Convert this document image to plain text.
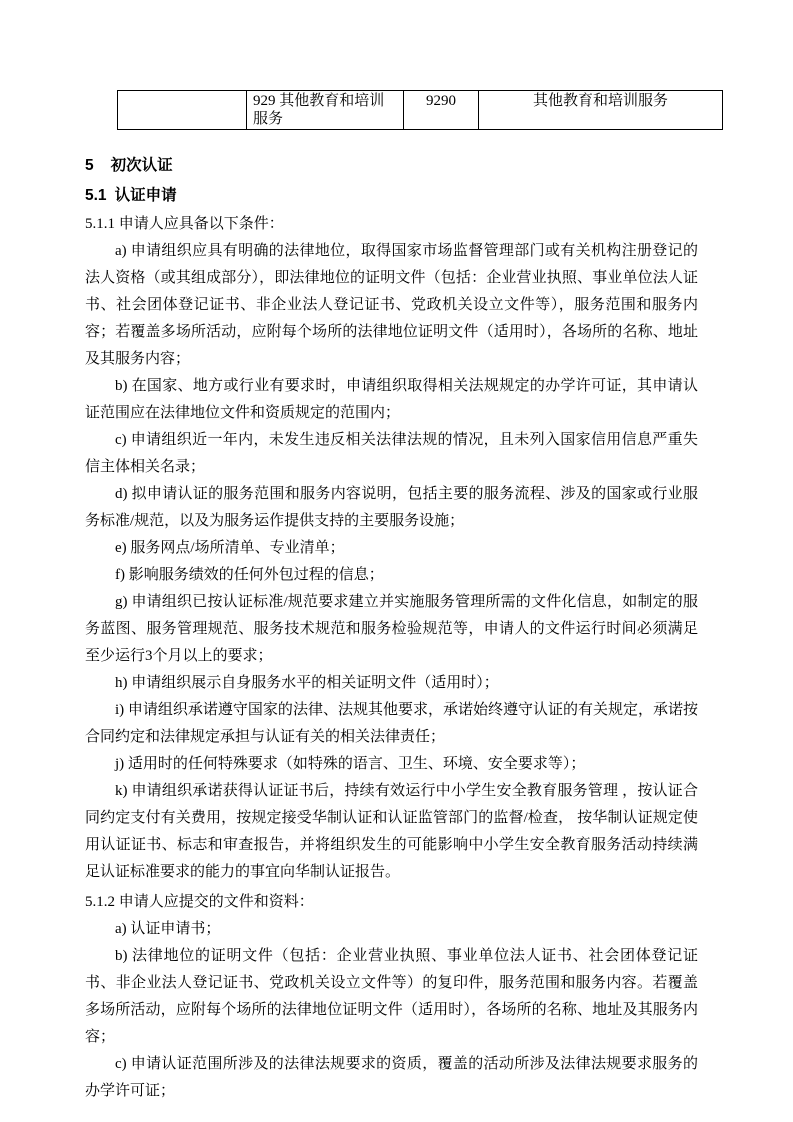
	929 其他教育和培训服务	9290	其他教育和培训服务
5 初次认证
5.1 认证申请

5.1.1 申请人应具备以下条件：

a) 申请组织应具有明确的法律地位，取得国家市场监督管理部门或有关机构注册登记的法人资格（或其组成部分），即法律地位的证明文件（包括：企业营业执照、事业单位法人证书、社会团体登记证书、非企业法人登记证书、党政机关设立文件等），服务范围和服务内容；若覆盖多场所活动，应附每个场所的法律地位证明文件（适用时），各场所的名称、地址及其服务内容；

b) 在国家、地方或行业有要求时，申请组织取得相关法规规定的办学许可证，其申请认证范围应在法律地位文件和资质规定的范围内；

c) 申请组织近一年内，未发生违反相关法律法规的情况，且未列入国家信用信息严重失信主体相关名录；

d) 拟申请认证的服务范围和服务内容说明，包括主要的服务流程、涉及的国家或行业服务标准/规范，以及为服务运作提供支持的主要服务设施；

e) 服务网点/场所清单、专业清单；

f) 影响服务绩效的任何外包过程的信息；

g) 申请组织已按认证标准/规范要求建立并实施服务管理所需的文件化信息，如制定的服务蓝图、服务管理规范、服务技术规范和服务检验规范等，申请人的文件运行时间必须满足至少运行3个月以上的要求；

h) 申请组织展示自身服务水平的相关证明文件（适用时）；

i) 申请组织承诺遵守国家的法律、法规其他要求，承诺始终遵守认证的有关规定，承诺按合同约定和法律规定承担与认证有关的相关法律责任；

j) 适用时的任何特殊要求（如特殊的语言、卫生、环境、安全要求等）；

k) 申请组织承诺获得认证证书后，持续有效运行中小学生安全教育服务管理 ，按认证合同约定支付有关费用，按规定接受华制认证和认证监管部门的监督/检查， 按华制认证规定使用认证证书、标志和审查报告，并将组织发生的可能影响中小学生安全教育服务活动持续满足认证标准要求的能力的事宜向华制认证报告。

5.1.2 申请人应提交的文件和资料：

a) 认证申请书；

b) 法律地位的证明文件（包括：企业营业执照、事业单位法人证书、社会团体登记证书、非企业法人登记证书、党政机关设立文件等）的复印件，服务范围和服务内容。若覆盖多场所活动，应附每个场所的法律地位证明文件（适用时），各场所的名称、地址及其服务内容；

c) 申请认证范围所涉及的法律法规要求的资质，覆盖的活动所涉及法律法规要求服务的办学许可证；
